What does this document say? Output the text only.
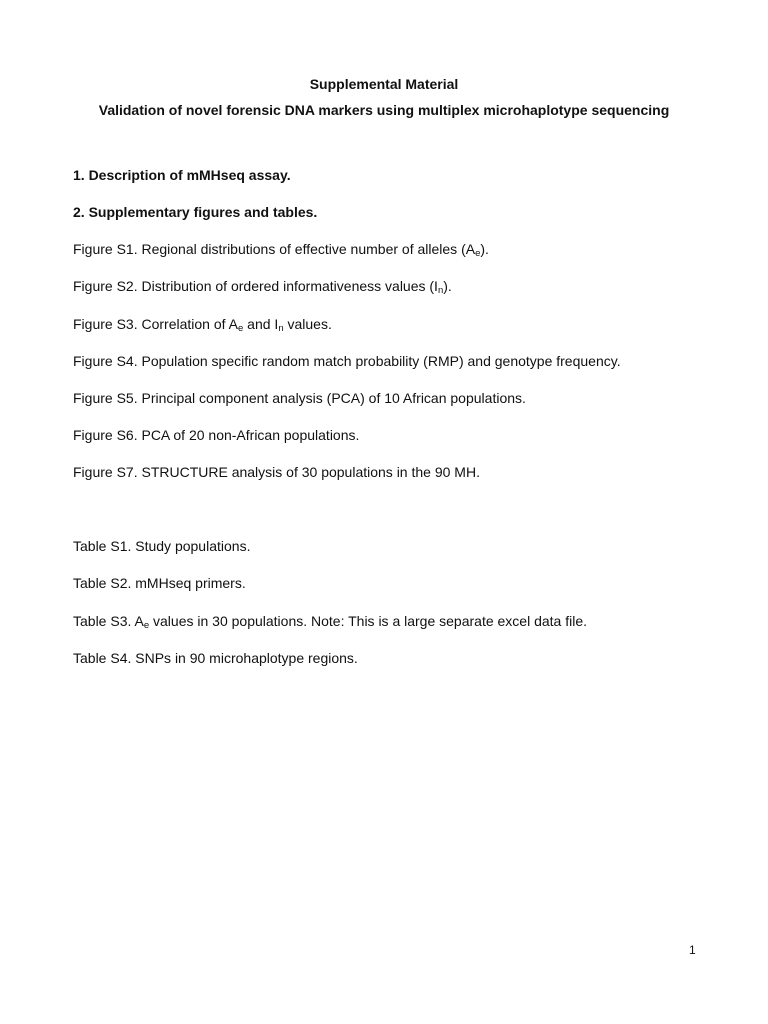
Supplemental Material
Validation of novel forensic DNA markers using multiplex microhaplotype sequencing
1. Description of mMHseq assay.
2. Supplementary figures and tables.
Figure S1. Regional distributions of effective number of alleles $(A_e)$.
Figure S2. Distribution of ordered informativeness values $(I_n)$.
Figure S3. Correlation of $A_e$ and $I_n$ values.
Figure S4. Population specific random match probability (RMP) and genotype frequency.
Figure S5. Principal component analysis (PCA) of 10 African populations.
Figure S6. PCA of 20 non-African populations.
Figure S7. STRUCTURE analysis of 30 populations in the 90 MH.
Table S1. Study populations.
Table S2. mMHseq primers.
Table S3. $A_e$ values in 30 populations. Note: This is a large separate excel data file.
Table S4. SNPs in 90 microhaplotype regions.
1
